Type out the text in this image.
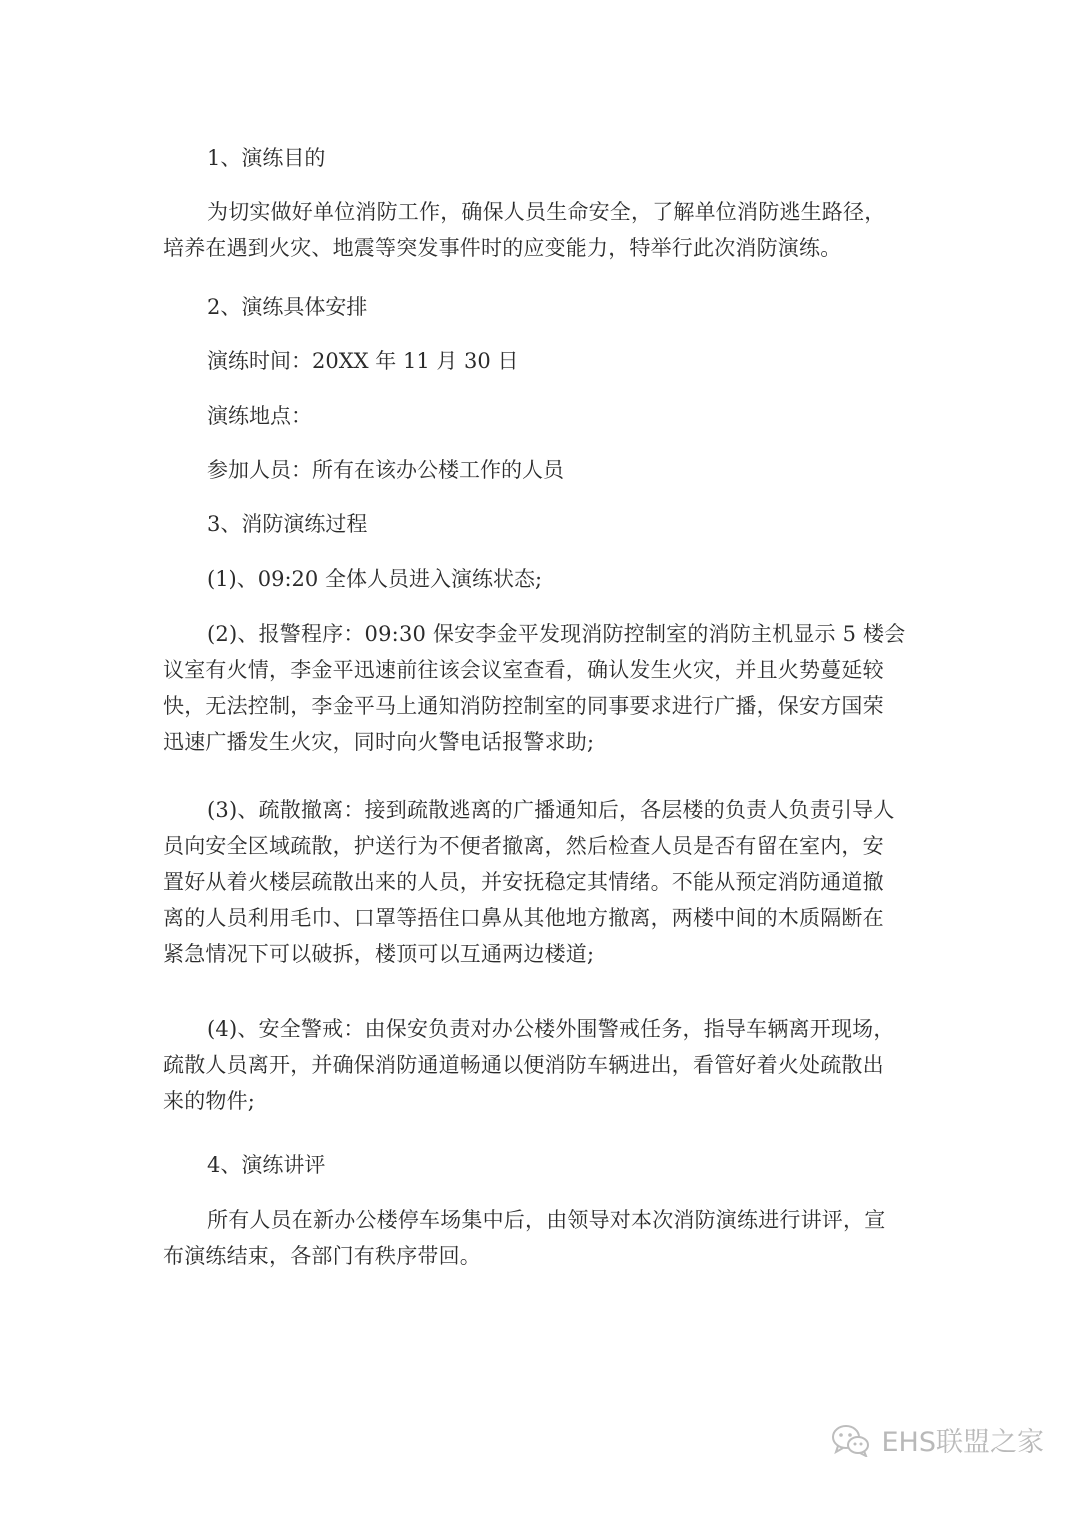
1、演练目的
为切实做好单位消防工作，确保人员生命安全，了解单位消防逃生路径，
培养在遇到火灾、地震等突发事件时的应变能力，特举行此次消防演练。
2、演练具体安排
演练时间：20XX 年 11 月 30 日
演练地点：
参加人员：所有在该办公楼工作的人员
3、消防演练过程
(1)、09:20 全体人员进入演练状态;
(2)、报警程序：09:30 保安李金平发现消防控制室的消防主机显示 5 楼会
议室有火情，李金平迅速前往该会议室查看，确认发生火灾，并且火势蔓延较
快，无法控制，李金平马上通知消防控制室的同事要求进行广播，保安方国荣
迅速广播发生火灾，同时向火警电话报警求助;
(3)、疏散撤离：接到疏散逃离的广播通知后，各层楼的负责人负责引导人
员向安全区域疏散，护送行为不便者撤离，然后检查人员是否有留在室内，安
置好从着火楼层疏散出来的人员，并安抚稳定其情绪。不能从预定消防通道撤
离的人员利用毛巾、口罩等捂住口鼻从其他地方撤离，两楼中间的木质隔断在
紧急情况下可以破拆，楼顶可以互通两边楼道;
(4)、安全警戒：由保安负责对办公楼外围警戒任务，指导车辆离开现场，
疏散人员离开，并确保消防通道畅通以便消防车辆进出，看管好着火处疏散出
来的物件;
4、演练讲评
所有人员在新办公楼停车场集中后，由领导对本次消防演练进行讲评，宣
布演练结束，各部门有秩序带回。
EHS联盟之家
